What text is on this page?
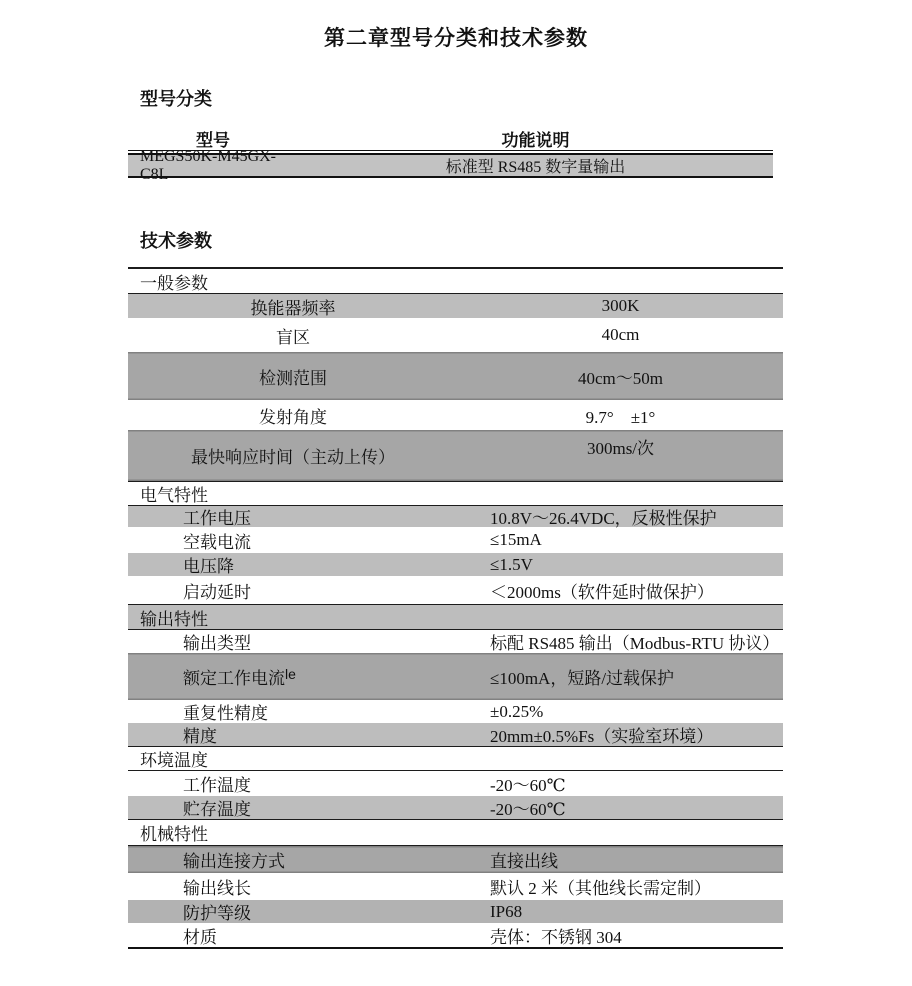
第二章型号分类和技术参数
型号分类
型号	功能说明
MEGS50K-M45GX-C8L	标准型 RS485 数字量输出
技术参数
一般参数
换能器频率	300K
盲区	40cm
检测范围	40cm～50m
发射角度	9.7°　±1°
最快响应时间（主动上传）	300ms/次
电气特性
工作电压	10.8V～26.4VDC，反极性保护
空载电流	≤15mA
电压降	≤1.5V
启动延时	＜2000ms（软件延时做保护）
输出特性
输出类型	标配 RS485 输出（Modbus-RTU 协议）
额定工作电流$^{le}$	≤100mA，短路/过载保护
重复性精度	±0.25%
精度	20mm±0.5%Fs（实验室环境）
环境温度
工作温度	-20～60℃
贮存温度	-20～60℃
机械特性
输出连接方式	直接出线
输出线长	默认 2 米（其他线长需定制）
防护等级	IP68
材质	壳体：不锈钢 304
